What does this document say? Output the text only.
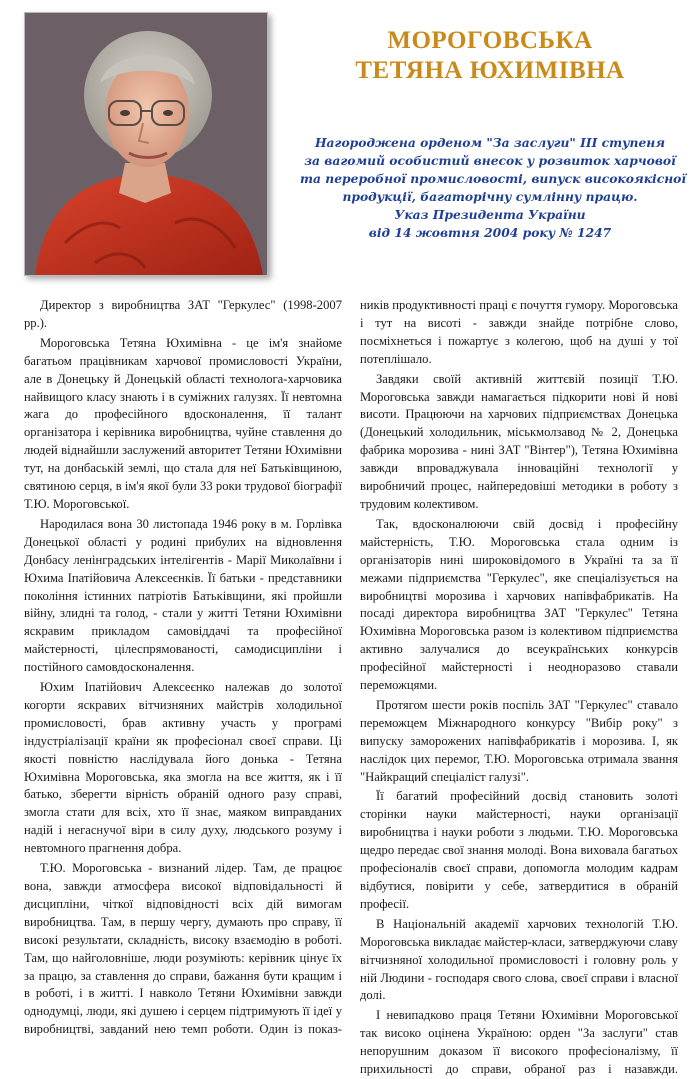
МОРОГОВСЬКА
ТЕТЯНА ЮХИМІВНА
Нагороджена орденом "За заслуги" III ступеня
за вагомий особистий внесок у розвиток харчової
та переробної промисловості, випуск високоякісної
продукції, багаторічну сумлінну працю.
Указ Президента України
від 14 жовтня 2004 року № 1247

Директор з виробництва ЗАТ "Геркулес" (1998-2007 рр.).

Мороговська Тетяна Юхимівна - це ім'я знайоме багатьом працівникам харчової промисловості України, але в Донецьку й Донецькій області технолога-харчовика найвищого класу знають і в суміжних галузях. Її невтомна жага до професійного вдосконалення, її талант організатора і керівника виробництва, чуйне ставлення до людей віднайшли заслужений авторитет Тетяни Юхимівни тут, на донбаській землі, що стала для неї Батьківщиною, святиною серця, в ім'я якої були 33 роки трудової біографії Т.Ю. Мороговської.

Народилася вона 30 листопада 1946 року в м. Горлівка Донецької області у родині прибулих на відновлення Донбасу ленінградських інтелігентів - Марії Миколаївни і Юхима Іпатійовича Алексеєнків. Її батьки - представники покоління істинних патріотів Батьківщини, які пройшли війну, злидні та голод, - стали у житті Тетяни Юхимівни яскравим прикладом самовіддачі та професійної майстерності, цілеспрямованості, самодисципліни і постійного самовдосконалення.

Юхим Іпатійович Алексеєнко належав до золотої когорти яскравих вітчизняних майстрів холодильної промисловості, брав активну участь у програмі індустріалізації країни як професіонал своєї справи. Ці якості повністю наслідувала його донька - Тетяна Юхимівна Мороговська, яка змогла на все життя, як і її батько, зберегти вірність обраній одного разу справі, змогла стати для всіх, хто її знає, маяком виправданих надій і негаснучої віри в силу духу, людського розуму і невтомного прагнення добра.

Т.Ю. Мороговська - визнаний лідер. Там, де працює вона, завжди атмосфера високої відповідальності й дисципліни, чіткої відповідності всіх дій вимогам виробництва. Там, в першу чергу, думають про справу, її високі результати, складність, високу взаємодію в роботі. Там, що найголовніше, люди розуміють: керівник цінує їх за працю, за ставлення до справи, бажання бути кращим і в роботі, і в житті. І навколо Тетяни Юхимівни завжди однодумці, люди, які душею і серцем підтримують її ідеї у виробництві, завданий нею темп роботи. Один із показ-

ників продуктивності праці є почуття гумору. Мороговська і тут на висоті - завжди знайде потрібне слово, посміхнеться і пожартує з колегою, щоб на душі у тої потеплішало.

Завдяки своїй активній життєвій позиції Т.Ю. Мороговська завжди намагається підкорити нові й нові висоти. Працюючи на харчових підприємствах Донецька (Донецький холодильник, міськмолзавод № 2, Донецька фабрика морозива - нині ЗАТ "Вінтер"), Тетяна Юхимівна завжди впроваджувала інноваційні технології у виробничий процес, найпередовіші методики в роботу з трудовим колективом.

Так, вдосконалюючи свій досвід і професійну майстерність, Т.Ю. Мороговська стала одним із організаторів нині широковідомого в Україні та за її межами підприємства "Геркулес", яке спеціалізується на виробництві морозива і харчових напівфабрикатів. На посаді директора виробництва ЗАТ "Геркулес" Тетяна Юхимівна Мороговська разом із колективом підприємства активно залучалися до всеукраїнських конкурсів професійної майстерності і неодноразово ставали переможцями.

Протягом шести років поспіль ЗАТ "Геркулес" ставало переможцем Міжнародного конкурсу "Вибір року" з випуску заморожених напівфабрикатів і морозива. І, як наслідок цих перемог, Т.Ю. Мороговська отримала звання "Найкращий спеціаліст галузі".

Її багатий професійний досвід становить золоті сторінки науки майстерності, науки організації виробництва і науки роботи з людьми. Т.Ю. Мороговська щедро передає свої знання молоді. Вона виховала багатьох професіоналів своєї справи, допомогла молодим кадрам відбутися, повірити у себе, затвердитися в обраній професії.

В Національній академії харчових технологій Т.Ю. Мороговська викладає майстер-класи, затверджуючи славу вітчизняної холодильної промисловості і головну роль у ній Людини - господаря свого слова, своєї справи і власної долі.

І невипадково праця Тетяни Юхимівни Мороговської так високо оцінена Україною: орден "За заслуги" став непорушним доказом її високого професіоналізму, її прихильності до справи, обраної раз і назавжди.
